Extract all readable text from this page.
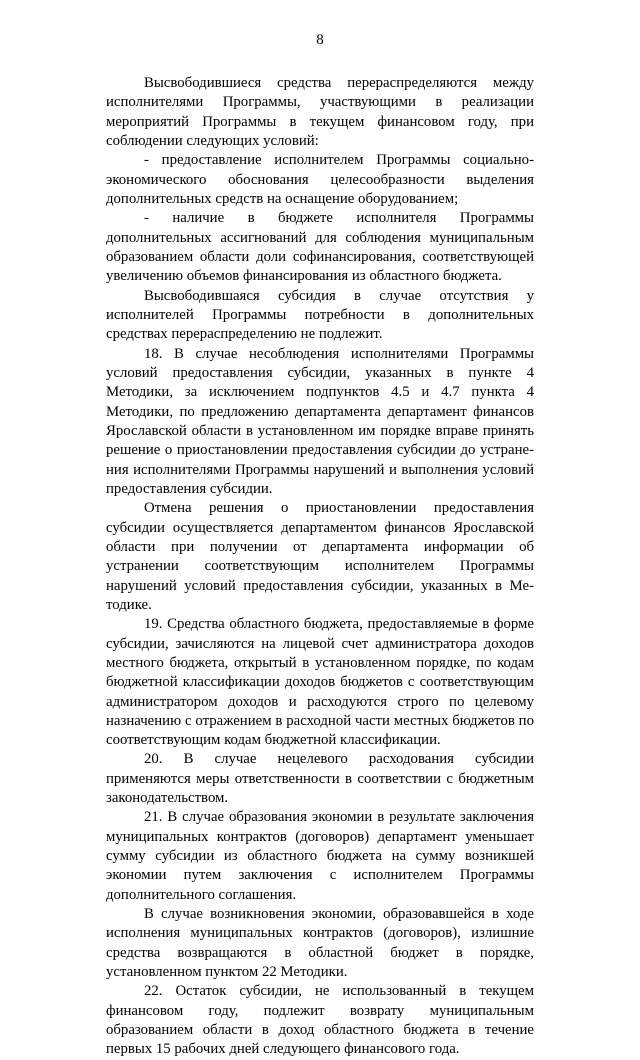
8

Высвободившиеся средства перераспределяются между исполнителями Программы, участвующими в реализации мероприятий Программы в текущем финансовом году, при соблюдении следующих условий:

- предоставление исполнителем Программы социально-экономического обоснования целесообразности выделения дополнительных средств на оснащение оборудованием;

- наличие в бюджете исполнителя Программы дополнительных ассигнований для соблюдения муниципальным образованием области доли софинансирования, соответствующей увеличению объемов финансирования из областного бюджета.

Высвободившаяся субсидия в случае отсутствия у исполнителей Программы потребности в дополнительных средствах перераспределению не подлежит.

18. В случае несоблюдения исполнителями Программы условий предоставления субсидии, указанных в пункте 4 Методики, за исключением подпунктов 4.5 и 4.7 пункта 4 Методики, по предложению департамента департамент финансов Ярославской области в установленном им порядке вправе принять решение о приостановлении предоставления субсидии до устранения исполнителями Программы нарушений и выполнения условий предоставления субсидии.

Отмена решения о приостановлении предоставления субсидии осуществляется департаментом финансов Ярославской области при получении от департамента информации об устранении соответствующим исполнителем Программы нарушений условий предоставления субсидии, указанных в Методике.

19. Средства областного бюджета, предоставляемые в форме субсидии, зачисляются на лицевой счет администратора доходов местного бюджета, открытый в установленном порядке, по кодам бюджетной классификации доходов бюджетов с соответствующим администратором доходов и расходуются строго по целевому назначению с отражением в расходной части местных бюджетов по соответствующим кодам бюджетной классификации.

20. В случае нецелевого расходования субсидии применяются меры ответственности в соответствии с бюджетным законодательством.

21. В случае образования экономии в результате заключения муниципальных контрактов (договоров) департамент уменьшает сумму субсидии из областного бюджета на сумму возникшей экономии путем заключения с исполнителем Программы дополнительного соглашения.

В случае возникновения экономии, образовавшейся в ходе исполнения муниципальных контрактов (договоров), излишние средства возвращаются в областной бюджет в порядке, установленном пунктом 22 Методики.

22. Остаток субсидии, не использованный в текущем финансовом году, подлежит возврату муниципальным образованием области в доход областного бюджета в течение первых 15 рабочих дней следующего финансового года.
